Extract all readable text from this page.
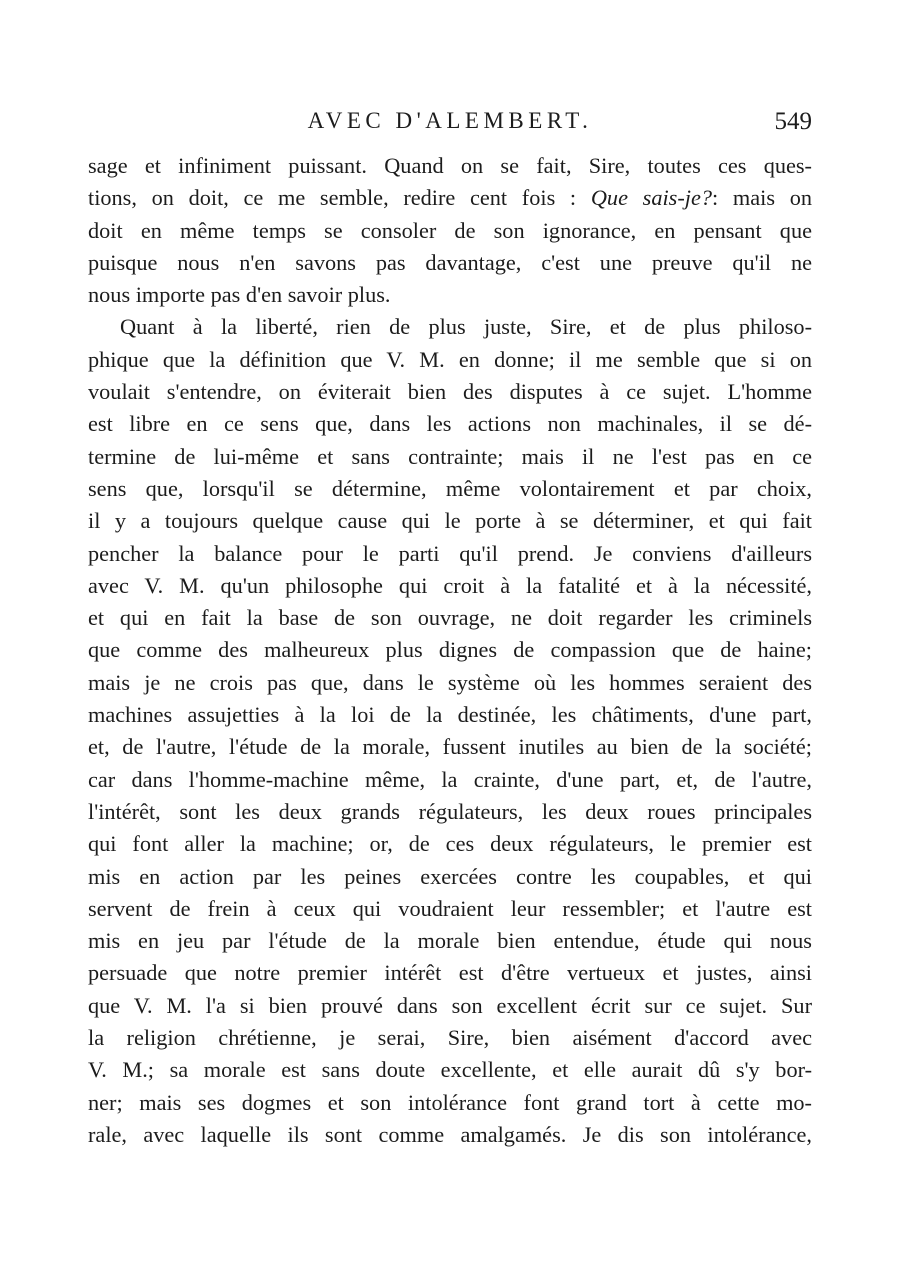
AVEC D'ALEMBERT.	549
sage et infiniment puissant. Quand on se fait, Sire, toutes ces ques-
tions, on doit, ce me semble, redire cent fois : Que sais-je?: mais on
doit en même temps se consoler de son ignorance, en pensant que
puisque nous n'en savons pas davantage, c'est une preuve qu'il ne
nous importe pas d'en savoir plus.
Quant à la liberté, rien de plus juste, Sire, et de plus philoso-
phique que la définition que V. M. en donne; il me semble que si on
voulait s'entendre, on éviterait bien des disputes à ce sujet. L'homme
est libre en ce sens que, dans les actions non machinales, il se dé-
termine de lui-même et sans contrainte; mais il ne l'est pas en ce
sens que, lorsqu'il se détermine, même volontairement et par choix,
il y a toujours quelque cause qui le porte à se déterminer, et qui fait
pencher la balance pour le parti qu'il prend. Je conviens d'ailleurs
avec V. M. qu'un philosophe qui croit à la fatalité et à la nécessité,
et qui en fait la base de son ouvrage, ne doit regarder les criminels
que comme des malheureux plus dignes de compassion que de haine;
mais je ne crois pas que, dans le système où les hommes seraient des
machines assujetties à la loi de la destinée, les châtiments, d'une part,
et, de l'autre, l'étude de la morale, fussent inutiles au bien de la société;
car dans l'homme-machine même, la crainte, d'une part, et, de l'autre,
l'intérêt, sont les deux grands régulateurs, les deux roues principales
qui font aller la machine; or, de ces deux régulateurs, le premier est
mis en action par les peines exercées contre les coupables, et qui
servent de frein à ceux qui voudraient leur ressembler; et l'autre est
mis en jeu par l'étude de la morale bien entendue, étude qui nous
persuade que notre premier intérêt est d'être vertueux et justes, ainsi
que V. M. l'a si bien prouvé dans son excellent écrit sur ce sujet. Sur
la religion chrétienne, je serai, Sire, bien aisément d'accord avec
V. M.; sa morale est sans doute excellente, et elle aurait dû s'y bor-
ner; mais ses dogmes et son intolérance font grand tort à cette mo-
rale, avec laquelle ils sont comme amalgamés. Je dis son intolérance,
